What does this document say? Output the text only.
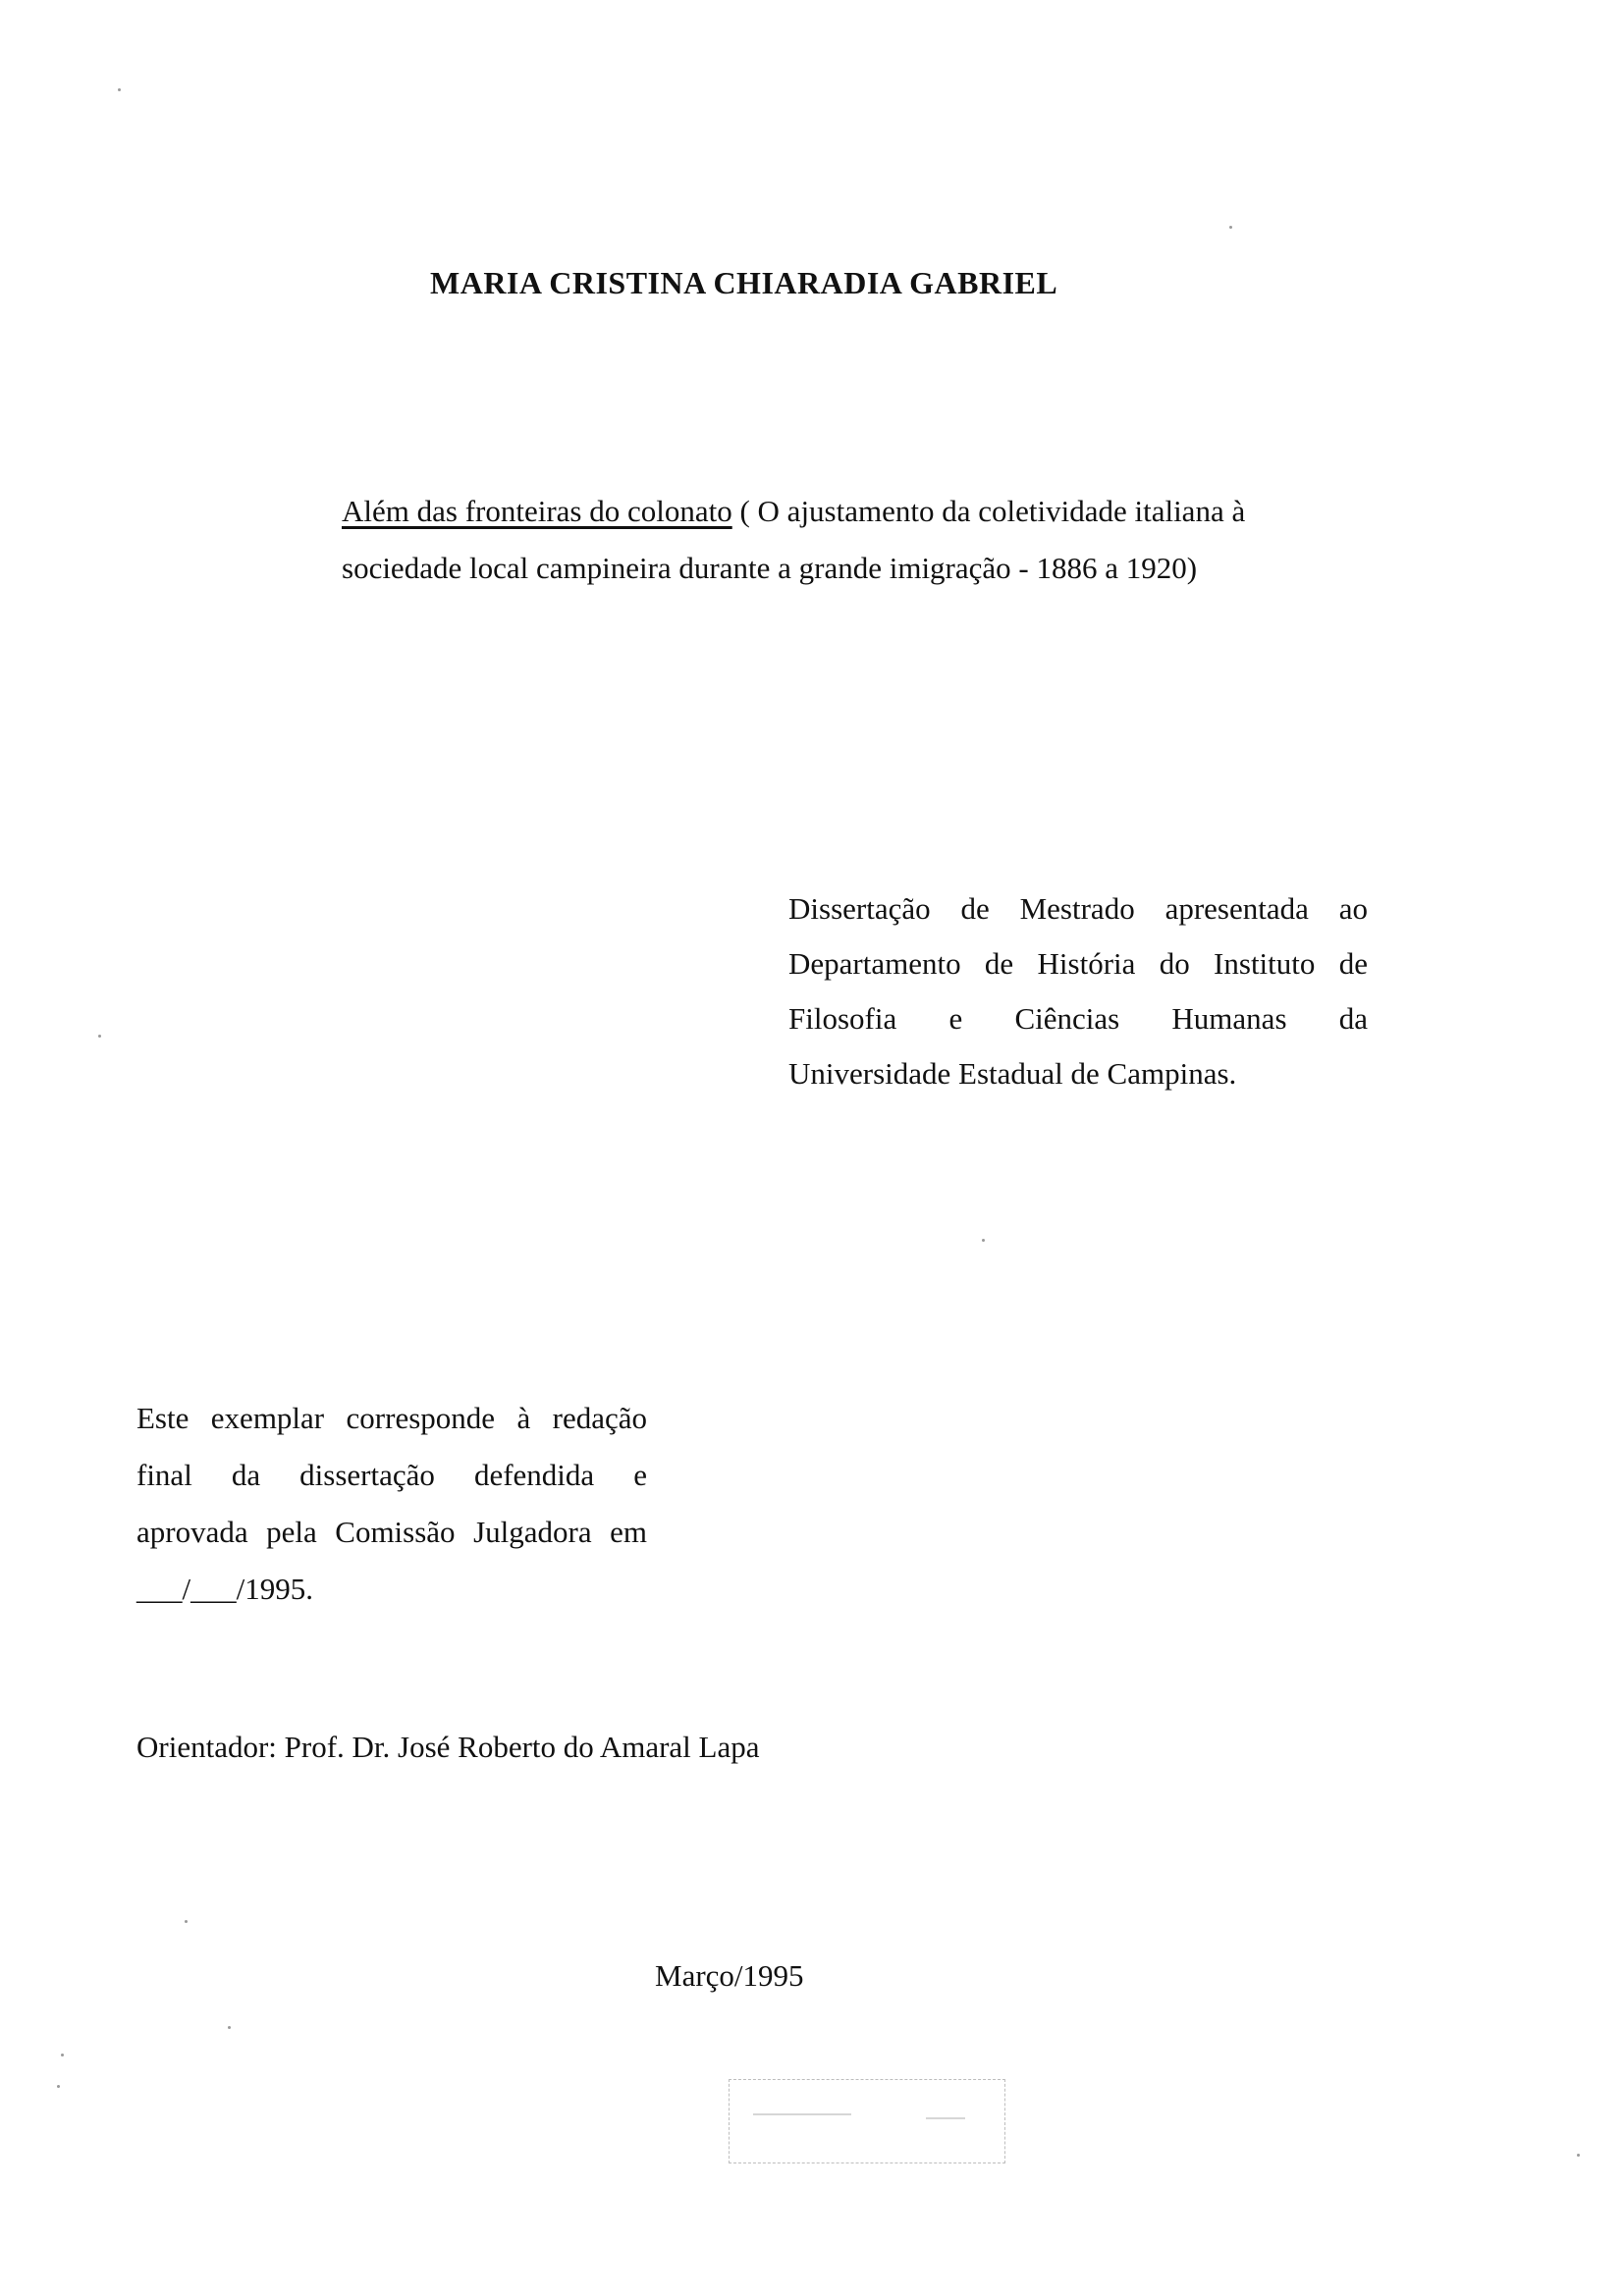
MARIA CRISTINA CHIARADIA GABRIEL
Além das fronteiras do colonato ( O ajustamento da coletividade italiana à sociedade local campineira durante a grande imigração - 1886 a 1920)
Dissertação de Mestrado apresentada ao
Departamento de História do Instituto de
Filosofia e Ciências Humanas da
Universidade Estadual de Campinas.
Este exemplar corresponde à redação
final da dissertação defendida e
aprovada pela Comissão Julgadora em
___/___/1995.
Orientador: Prof. Dr. José Roberto do Amaral Lapa
Março/1995
